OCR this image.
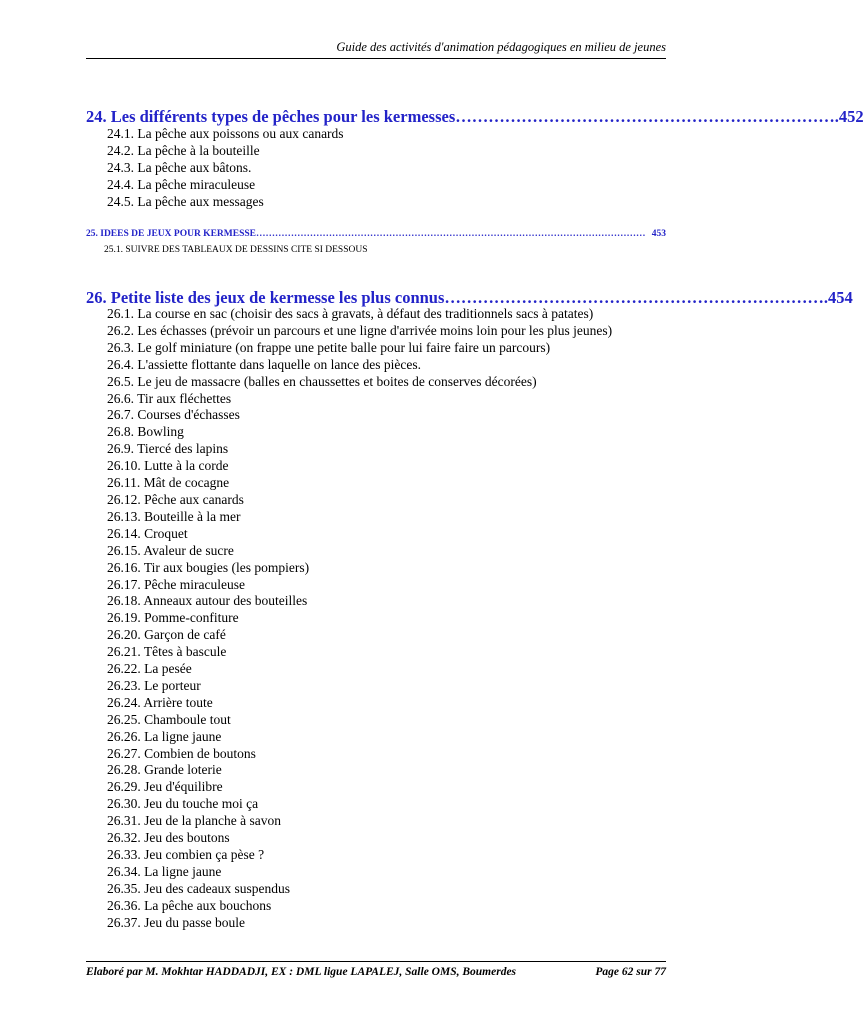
Guide des activités d'animation pédagogiques en milieu de jeunes
24. Les différents types de pêches pour les kermesses …………………………………………………………… .452
24.1. La pêche aux poissons ou aux canards
24.2. La pêche à la bouteille
24.3. La pêche aux bâtons.
24.4. La pêche miraculeuse
24.5. La pêche aux messages
25. IDEES DE JEUX POUR KERMESSE …………………………………………………………………………………………………………… 453
25.1. SUIVRE DES TABLEAUX DE DESSINS CITE SI DESSOUS
26. Petite liste des jeux de kermesse les plus connus …………………………………………………………… .454
26.1. La course en sac (choisir des sacs à gravats, à défaut des traditionnels sacs à patates)
26.2. Les échasses (prévoir un parcours et une ligne d'arrivée moins loin pour les plus jeunes)
26.3. Le golf miniature (on frappe une petite balle pour lui faire faire un parcours)
26.4. L'assiette flottante dans laquelle on lance des pièces.
26.5. Le jeu de massacre (balles en chaussettes et boites de conserves décorées)
26.6. Tir aux fléchettes
26.7. Courses d'échasses
26.8. Bowling
26.9. Tiercé des lapins
26.10. Lutte à la corde
26.11. Mât de cocagne
26.12. Pêche aux canards
26.13. Bouteille à la mer
26.14. Croquet
26.15. Avaleur de sucre
26.16. Tir aux bougies (les pompiers)
26.17. Pêche miraculeuse
26.18. Anneaux autour des bouteilles
26.19. Pomme-confiture
26.20. Garçon de café
26.21. Têtes à bascule
26.22. La pesée
26.23. Le porteur
26.24. Arrière toute
26.25. Chamboule tout
26.26. La ligne jaune
26.27. Combien de boutons
26.28. Grande loterie
26.29. Jeu d'équilibre
26.30. Jeu du touche moi ça
26.31. Jeu de la planche à savon
26.32. Jeu des boutons
26.33. Jeu combien ça pèse ?
26.34. La ligne jaune
26.35. Jeu des cadeaux suspendus
26.36. La pêche aux bouchons
26.37. Jeu du passe boule
Elaboré par M. Mokhtar HADDADJI, EX : DML ligue LAPALEJ, Salle OMS, Boumerdes	Page 62 sur 77
